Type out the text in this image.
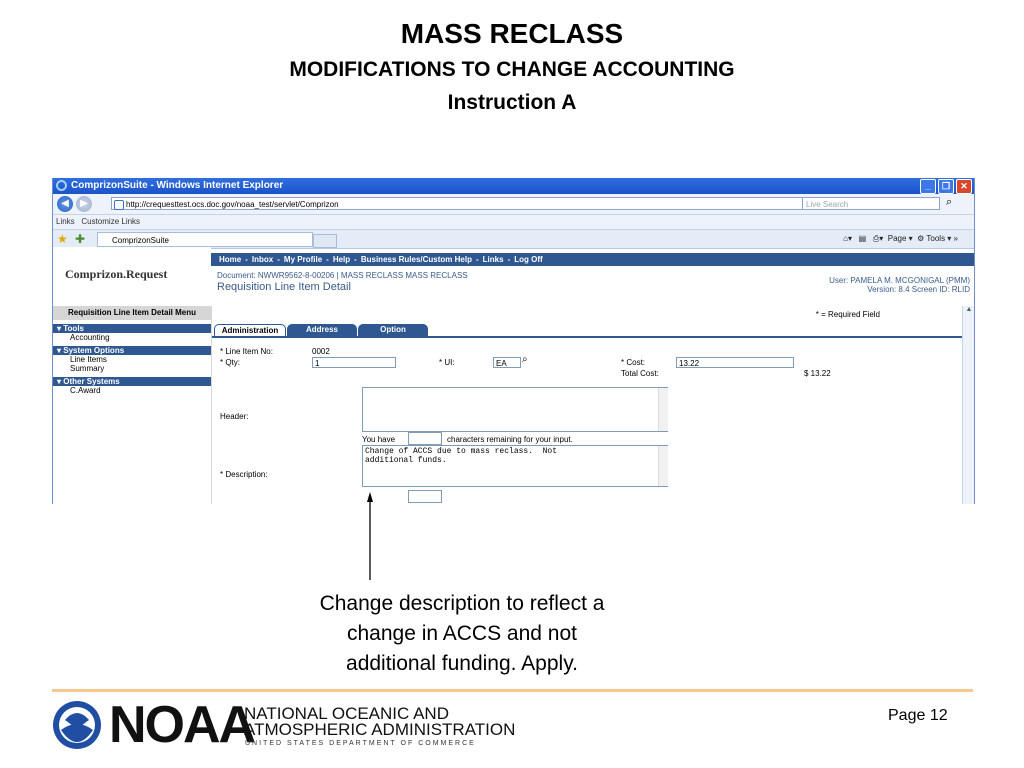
MASS RECLASS
MODIFICATIONS TO CHANGE ACCOUNTING
Instruction A
ComprizonSuite - Windows Internet Explorer	_	❐	✕
◀	▶	http://crequesttest.ocs.doc.gov/noaa_test/servlet/Comprizon	Live Search	⌕
Links Customize Links
★ ✚	ComprizonSuite	⌂▾ ▤ ⎙▾ Page ▾  ⚙ Tools ▾ »
Comprizon.Request
Home - Inbox - My Profile - Help - Business Rules/Custom Help - Links - Log Off
Document: NWWR9562-8-00206 | MASS RECLASS MASS RECLASS
Requisition Line Item Detail
User: PAMELA M. MCGONIGAL (PMM)
Version: 8.4 Screen ID: RLID
Requisition Line Item Detail Menu
▾ Tools
Accounting
▾ System Options
Line Items
Summary
▾ Other Systems
C.Award
* = Required Field
Administration	Address	Option
* Line Item No:	0002
* Qty:	1	* UI:	EA	⌕	* Cost:	13.22
Total Cost:	$ 13.22
Header:
You have	characters remaining for your input.
* Description:
Change of ACCS due to mass reclass.  Not
additional funds.
▲
Change description to reflect a
change in ACCS and not
additional funding. Apply.
NOAA
NATIONAL OCEANIC AND
ATMOSPHERIC ADMINISTRATION
UNITED STATES DEPARTMENT OF COMMERCE
Page 12
